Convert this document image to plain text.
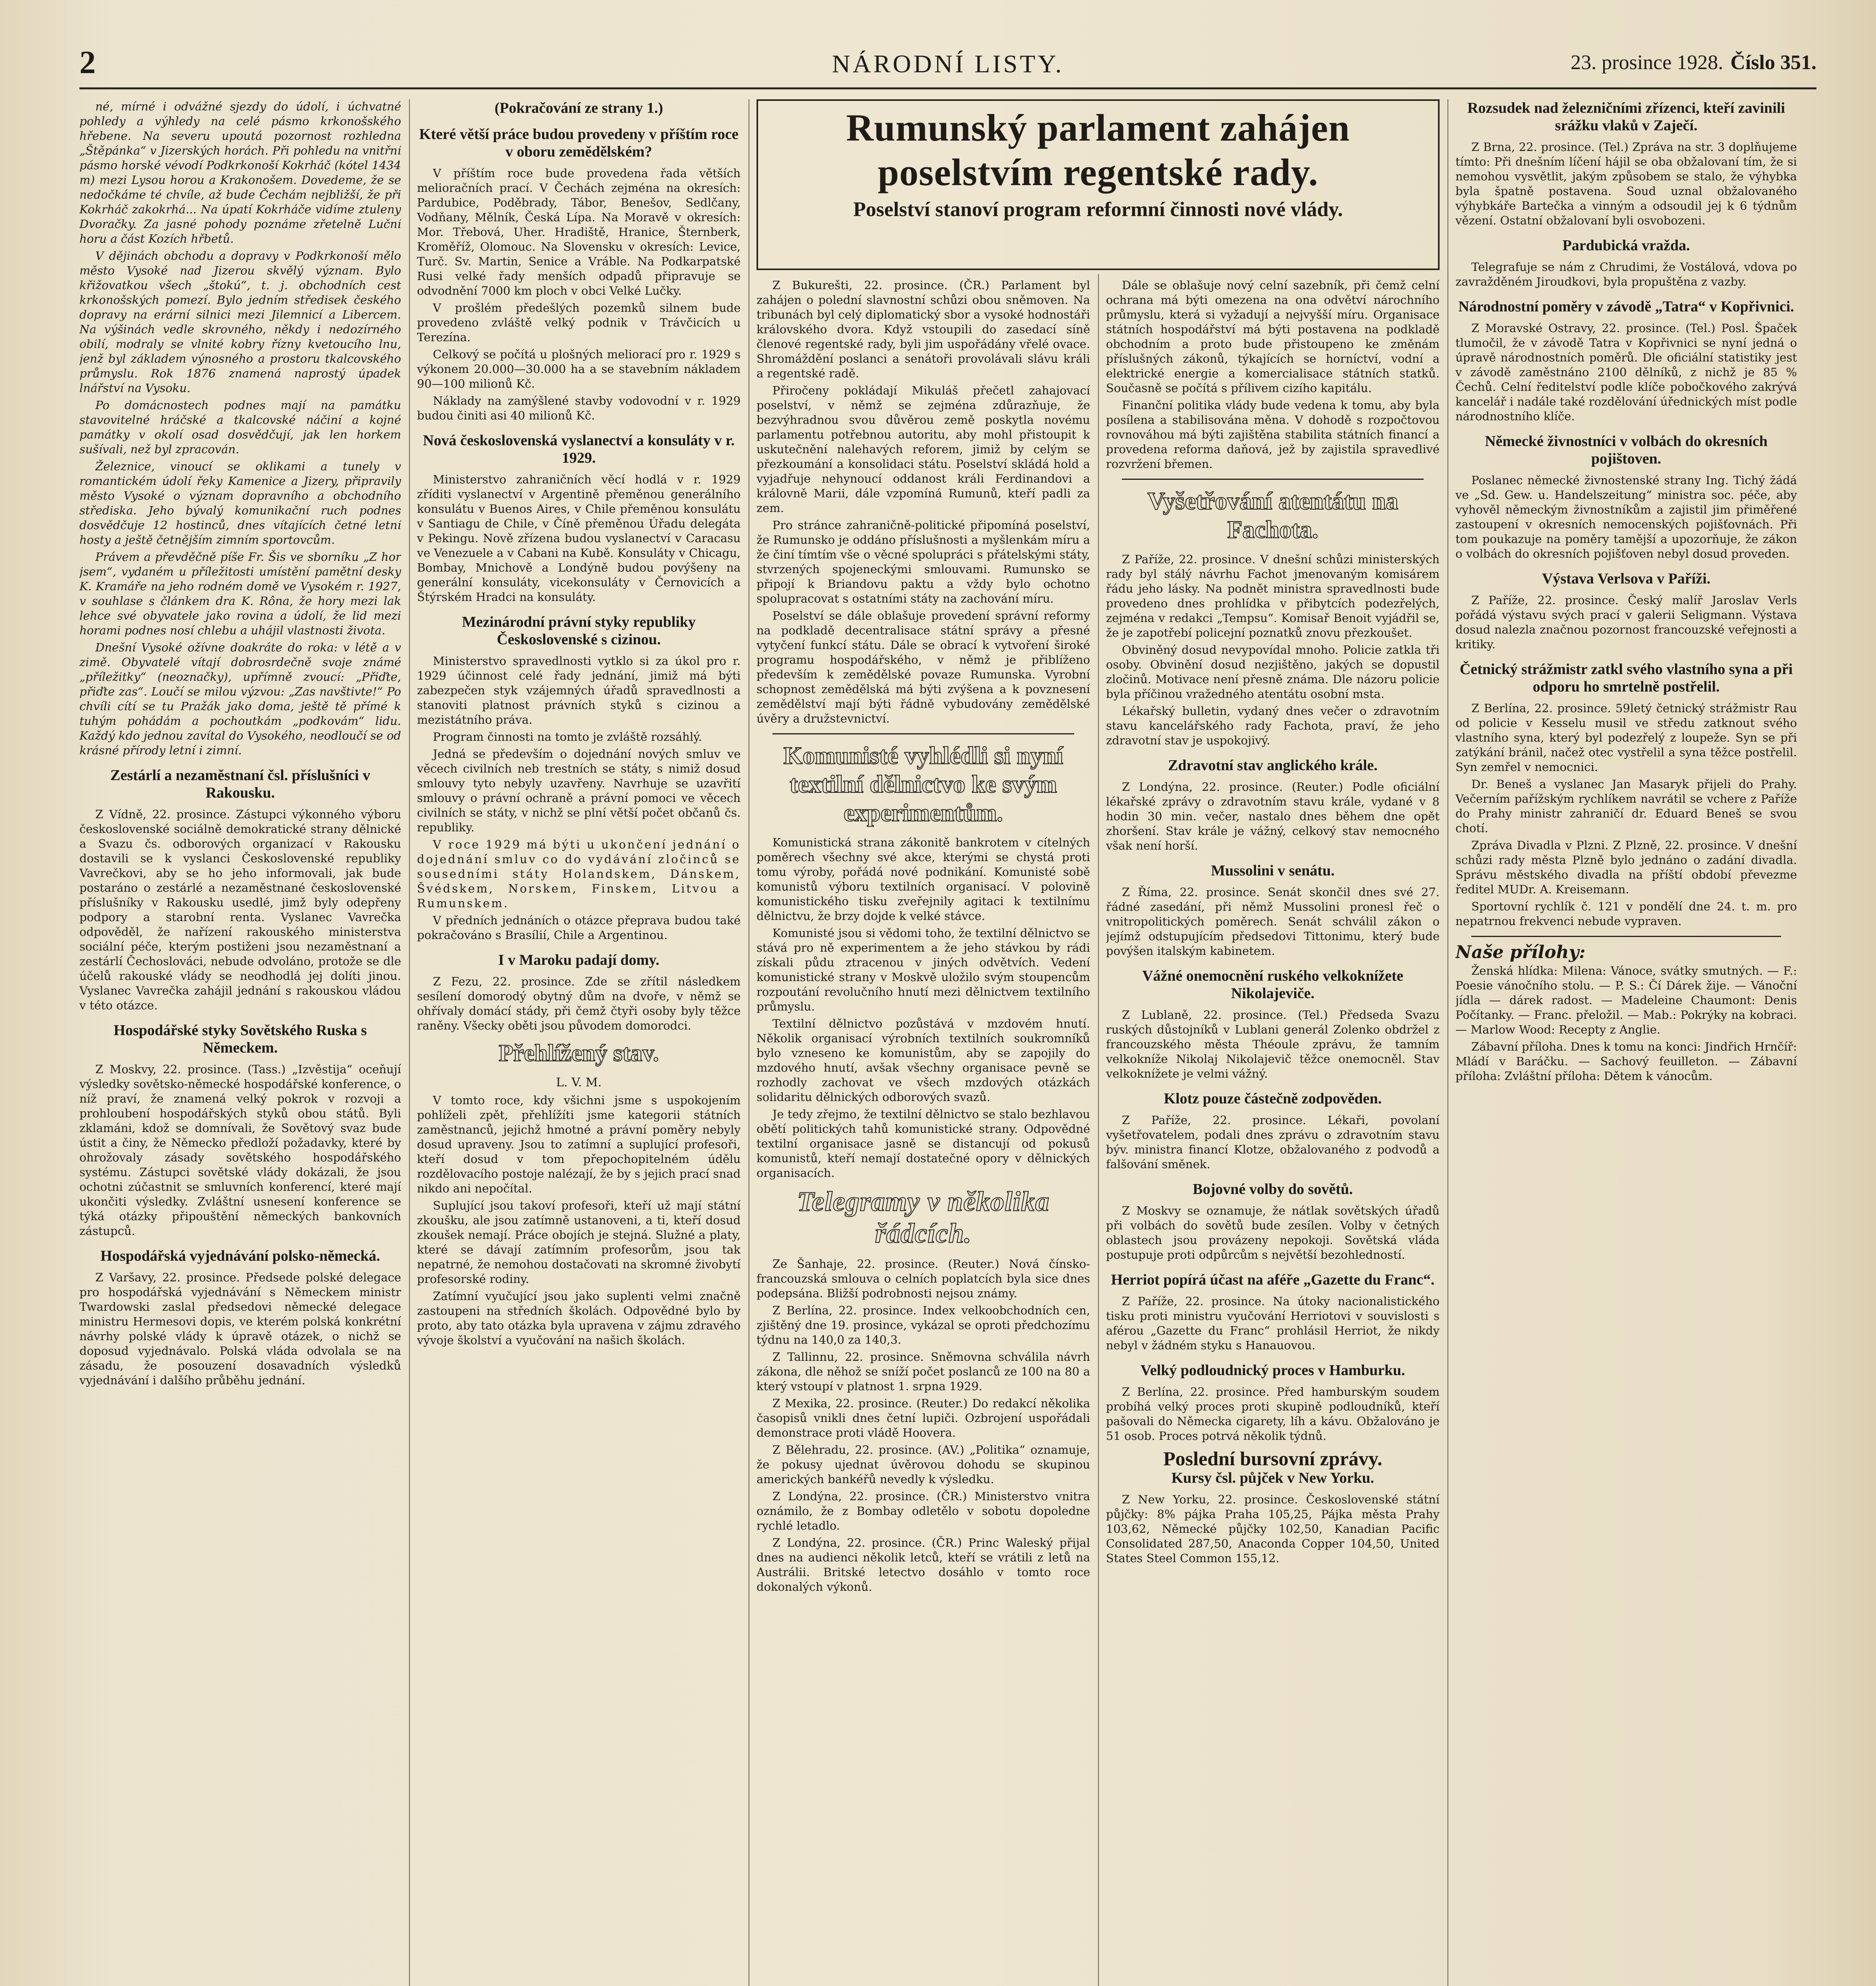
2	NÁRODNÍ LISTY.	23. prosince 1928. Číslo 351.

né, mírné i odvážné sjezdy do údolí, i úchvatné pohledy a výhledy na celé pásmo krkonošského hřebene. Na severu upoutá pozornost rozhledna „Štěpánka“ v Jizerských horách. Při pohledu na vnitřní pásmo horské vévodí Podkrkonoší Kokrháč (kótel 1434 m) mezi Lysou horou a Krakonošem. Dovedeme, že se nedočkáme té chvíle, až bude Čechám nejbližší, že při Kokrháč zakokrhá... Na úpatí Kokrháče vidíme ztuleny Dvoračky. Za jasné pohody poznáme zřetelně Luční horu a část Kozích hřbetů.

V dějinách obchodu a dopravy v Podkrkonoší mělo město Vysoké nad Jizerou skvělý význam. Bylo křižovatkou všech „štokú“, t. j. obchodních cest krkonošských pomezí. Bylo jedním středisek českého dopravy na erární silnici mezi Jilemnicí a Libercem. Na výšinách vedle skrovného, někdy i nedozírného obilí, modraly se vlnité kobry řízny kvetoucího lnu, jenž byl základem výnosného a prostoru tkalcovského průmyslu. Rok 1876 znamená naprostý úpadek lnářství na Vysoku.

Po domácnostech podnes mají na památku stavovitelné hráčské a tkalcovské náčiní a kojné památky v okolí osad dosvědčují, jak len horkem sušívali, než byl zpracován.

Železnice, vinoucí se oklikami a tunely v romantickém údolí řeky Kamenice a Jizery, připravily město Vysoké o význam dopravního a obchodního střediska. Jeho bývalý komunikační ruch podnes dosvědčuje 12 hostinců, dnes vítajících četné letní hosty a ještě četnějším zimním sportovcům.

Právem a převděčně píše Fr. Šis ve sborníku „Z hor jsem“, vydaném u příležitosti umístění pamětní desky K. Kramáře na jeho rodném domě ve Vysokém r. 1927, v souhlase s článkem dra K. Rôna, že hory mezi lak lehce své obyvatele jako rovina a údolí, že lid mezi horami podnes nosí chlebu a uhájil vlastnosti života.

Dnešní Vysoké ožívne doakráte do roka: v létě a v zimě. Obyvatelé vítají dobrosrdečně svoje známé „příležitky“ (neoznačky), upřímně zvoucí: „Přiďte, přiďte zas“. Loučí se milou výzvou: „Zas navštivte!“ Po chvíli cítí se tu Pražák jako doma, ještě tě přímé k tuhým pohádám a pochoutkám „podkovám“ lidu. Každý kdo jednou zavítal do Vysokého, neodloučí se od krásné přírody letní i zimní.

Zestárlí a nezaměstnaní čsl. příslušníci v Rakousku.

Z Vídně, 22. prosince. Zástupci výkonného výboru československé sociálně demokratické strany dělnické a Svazu čs. odborových organizací v Rakousku dostavili se k vyslanci Československé republiky Vavrečkovi, aby se ho jeho informovali, jak bude postaráno o zestárlé a nezaměstnané československé příslušníky v Rakousku usedlé, jimž byly odepřeny podpory a starobní renta. Vyslanec Vavrečka odpověděl, že nařízení rakouského ministerstva sociální péče, kterým postiženi jsou nezaměstnaní a zestárlí Čechoslováci, nebude odvoláno, protože se dle účelů rakouské vlády se neodhodlá jej dolíti jinou. Vyslanec Vavrečka zahájil jednání s rakouskou vládou v této otázce.

Hospodářské styky Sovětského Ruska s Německem.

Z Moskvy, 22. prosince. (Tass.) „Izvěstija“ oceňují výsledky sovětsko-německé hospodářské konference, o níž praví, že znamená velký pokrok v rozvoji a prohloubení hospodářských styků obou států. Byli zklamáni, kdož se domnívali, že Sovětový svaz bude ústit a činy, že Německo předloží požadavky, které by ohrožovaly zásady sovětského hospodářského systému. Zástupci sovětské vlády dokázali, že jsou ochotni zúčastnit se smluvních konferencí, které mají ukončiti výsledky. Zvláštní usnesení konference se týká otázky připouštění německých bankovních zástupců.

Hospodářská vyjednávání polsko-německá.

Z Varšavy, 22. prosince. Předsede polské delegace pro hospodářská vyjednávání s Německem ministr Twardowski zaslal předsedovi německé delegace ministru Hermesovi dopis, ve kterém polská konkrétní návrhy polské vlády k úpravě otázek, o nichž se doposud vyjednávalo. Polská vláda odvolala se na zásadu, že posouzení dosavadních výsledků vyjednávání i dalšího průběhu jednání.

(Pokračování ze strany 1.)
Které větší práce budou provedeny v příštím roce v oboru zemědělském?

V příštím roce bude provedena řada větších melioračních prací. V Čechách zejména na okresích: Pardubice, Poděbrady, Tábor, Benešov, Sedlčany, Vodňany, Mělník, Česká Lípa. Na Moravě v okresích: Mor. Třebová, Uher. Hradiště, Hranice, Šternberk, Kroměříž, Olomouc. Na Slovensku v okresích: Levice, Turč. Sv. Martin, Senice a Vráble. Na Podkarpatské Rusi velké řady menších odpadů připravuje se odvodnění 7000 km ploch v obci Velké Lučky.

V prošlém předešlých pozemků silnem bude provedeno zvláště velký podnik v Trávčicích u Terezína.

Celkový se počítá u plošných meliorací pro r. 1929 s výkonem 20.000—30.000 ha a se stavebním nákladem 90—100 milionů Kč.

Náklady na zamýšlené stavby vodovodní v r. 1929 budou činiti asi 40 milionů Kč.

Nová československá vyslanectví a konsuláty v r. 1929.

Ministerstvo zahraničních věcí hodlá v r. 1929 zříditi vyslanectví v Argentině přeměnou generálního konsulátu v Buenos Aires, v Chile přeměnou konsulátu v Santiagu de Chile, v Číně přeměnou Úřadu delegáta v Pekingu. Nově zřízena budou vyslanectví v Caracasu ve Venezuele a v Cabani na Kubě. Konsuláty v Chicagu, Bombay, Mnichově a Londýně budou povýšeny na generální konsuláty, vicekonsuláty v Černovicích a Štýrském Hradci na konsuláty.

Mezinárodní právní styky republiky Československé s cizinou.

Ministerstvo spravedlnosti vytklo si za úkol pro r. 1929 účinnost celé řady jednání, jimiž má býti zabezpečen styk vzájemných úřadů spravedlnosti a stanoviti platnost právních styků s cizinou a mezistátního práva.

Program činnosti na tomto je zvláště rozsáhlý.

Jedná se především o dojednání nových smluv ve věcech civilních neb trestních se státy, s nimiž dosud smlouvy tyto nebyly uzavřeny. Navrhuje se uzavřití smlouvy o právní ochraně a právní pomoci ve věcech civilních se státy, v nichž se plní větší počet občanů čs. republiky.

V roce 1929 má býti u ukončení jednání o dojednání smluv co do vydávání zločinců se sousedními státy Holandskem, Dánskem, Švédskem, Norskem, Finskem, Litvou a Rumunskem.

V předních jednáních o otázce přeprava budou také pokračováno s Brasílií, Chile a Argentinou.

I v Maroku padají domy.

Z Fezu, 22. prosince. Zde se zřítil následkem sesílení domorodý obytný dům na dvoře, v němž se ohřívaly domácí stády, při čemž čtyři osoby byly těžce raněny. Všecky oběti jsou původem domorodci.

Přehlížený stav.
L. V. M.

V tomto roce, kdy všichni jsme s uspokojením pohlíželi zpět, přehlížíti jsme kategorii státních zaměstnanců, jejichž hmotné a právní poměry nebyly dosud upraveny. Jsou to zatímní a suplující profesoři, kteří dosud v tom přepochopitelném údělu rozdělovacího postoje nalézají, že by s jejich prací snad nikdo ani nepočítal.

Suplující jsou takoví profesoři, kteří už mají státní zkoušku, ale jsou zatímně ustanoveni, a ti, kteří dosud zkoušek nemají. Práce obojích je stejná. Služné a platy, které se dávají zatímním profesorům, jsou tak nepatrné, že nemohou dostačovati na skromné živobytí profesorské rodiny.

Zatímní vyučující jsou jako suplenti velmi značně zastoupeni na středních školách. Odpovědné bylo by proto, aby tato otázka byla upravena v zájmu zdravého vývoje školství a vyučování na našich školách.

Rumunský parlament zahájen poselstvím regentské rady.
Poselství stanoví program reformní činnosti nové vlády.

Z Bukurešti, 22. prosince. (ČR.) Parlament byl zahájen o polední slavnostní schůzi obou sněmoven. Na tribunách byl celý diplomatický sbor a vysoké hodnostáři královského dvora. Když vstoupili do zasedací síně členové regentské rady, byli jim uspořádány vřelé ovace. Shromáždění poslanci a senátoři provolávali slávu králi a regentské radě.

Přiročeny pokládají Mikuláš přečetl zahajovací poselství, v němž se zejména zdůrazňuje, že bezvýhradnou svou důvěrou země poskytla novému parlamentu potřebnou autoritu, aby mohl přistoupit k uskutečnění nalehavých reforem, jimiž by celým se přezkoumání a konsolidaci státu. Poselství skládá hold a vyjadřuje nehynoucí oddanost králi Ferdinandovi a královně Marii, dále vzpomíná Rumunů, kteří padli za zem.

Pro stránce zahraničně-politické připomíná poselství, že Rumunsko je oddáno příslušnosti a myšlenkám míru a že činí tímtím vše o věcné spolupráci s přátelskými státy, stvrzených spojeneckými smlouvami. Rumunsko se připojí k Briandovu paktu a vždy bylo ochotno spolupracovat s ostatními státy na zachování míru.

Poselství se dále oblašuje provedení správní reformy na podkladě decentralisace státní správy a přesné vytyčení funkcí státu. Dále se obrací k vytvoření široké programu hospodářského, v němž je přiblíženo především k zemědělské povaze Rumunska. Vyrobní schopnost zemědělská má býti zvýšena a k povznesení zemědělství mají býti řádně vybudovány zemědělské úvěry a družstevnictví.

Komunisté vyhlédli si nyní textilní dělnictvo ke svým experimentům.

Komunistická strana zákonitě bankrotem v cítelných poměrech všechny své akce, kterými se chystá proti tomu výroby, pořádá nové podnikání. Komunisté sobě komunistů výboru textilních organisací. V polovině komunistického tisku zveřejnily agitaci k textilnímu dělnictvu, že brzy dojde k velké stávce.

Komunisté jsou si vědomi toho, že textilní dělnictvo se stává pro ně experimentem a že jeho stávkou by rádi získali půdu ztracenou v jiných odvětvích. Vedení komunistické strany v Moskvě uložilo svým stoupencům rozpoutání revolučního hnutí mezi dělnictvem textilního průmyslu.

Textilní dělnictvo pozůstává v mzdovém hnutí. Několik organisací výrobních textilních soukromníků bylo vzneseno ke komunistům, aby se zapojily do mzdového hnutí, avšak všechny organisace pevně se rozhodly zachovat ve všech mzdových otázkách solidaritu dělnických odborových svazů.

Je tedy zřejmo, že textilní dělnictvo se stalo bezhlavou obětí politických tahů komunistické strany. Odpovědné textilní organisace jasně se distancují od pokusů komunistů, kteří nemají dostatečné opory v dělnických organisacích.

Telegramy v několika řádcích.

Ze Šanhaje, 22. prosince. (Reuter.) Nová čínsko-francouzská smlouva o celních poplatcích byla sice dnes podepsána. Bližší podrobnosti nejsou známy.

Z Berlína, 22. prosince. Index velkoobchodních cen, zjištěný dne 19. prosince, vykázal se oproti předchozímu týdnu na 140,0 za 140,3.

Z Tallinnu, 22. prosince. Sněmovna schválila návrh zákona, dle něhož se sníží počet poslanců ze 100 na 80 a který vstoupí v platnost 1. srpna 1929.

Z Mexika, 22. prosince. (Reuter.) Do redakcí několika časopisů vnikli dnes četní lupiči. Ozbrojení uspořádali demonstrace proti vládě Hoovera.

Z Bělehradu, 22. prosince. (AV.) „Politika“ oznamuje, že pokusy ujednat úvěrovou dohodu se skupinou amerických bankéřů nevedly k výsledku.

Z Londýna, 22. prosince. (ČR.) Ministerstvo vnitra oznámilo, že z Bombay odletělo v sobotu dopoledne rychlé letadlo.

Z Londýna, 22. prosince. (ČR.) Princ Waleský přijal dnes na audienci několik letců, kteří se vrátili z letů na Austrálii. Britské letectvo dosáhlo v tomto roce dokonalých výkonů.

Dále se oblašuje nový celní sazebník, při čemž celní ochrana má býti omezena na ona odvětví nárochního průmyslu, která si vyžadují a nejvyšší míru. Organisace státních hospodářství má býti postavena na podkladě obchodním a proto bude přistoupeno ke změnám příslušných zákonů, týkajících se horníctví, vodní a elektrické energie a komercialisace státních statků. Současně se počítá s přílivem cizího kapitálu.

Finanční politika vlády bude vedena k tomu, aby byla posílena a stabilisována měna. V dohodě s rozpočtovou rovnováhou má býti zajištěna stabilita státních financí a provedena reforma daňová, jež by zajistila spravedlivé rozvržení břemen.

Vyšetřování atentátu na Fachota.

Z Paříže, 22. prosince. V dnešní schůzi ministerských rady byl stálý návrhu Fachot jmenovaným komisárem řádu jeho lásky. Na podnět ministra spravedlnosti bude provedeno dnes prohlídka v přibytcích podezřelých, zejména v redakci „Tempsu“. Komisař Benoit vyjádřil se, že je zapotřebí policejní poznatků znovu přezkoušet.

Obviněný dosud nevypovídal mnoho. Policie zatkla tři osoby. Obvinění dosud nezjištěno, jakých se dopustil zločinů. Motivace není přesně známa. Dle názoru policie byla příčinou vražedného atentátu osobní msta.

Lékařský bulletin, vydaný dnes večer o zdravotním stavu kancelářského rady Fachota, praví, že jeho zdravotní stav je uspokojivý.

Zdravotní stav anglického krále.

Z Londýna, 22. prosince. (Reuter.) Podle oficiální lékařské zprávy o zdravotním stavu krále, vydané v 8 hodin 30 min. večer, nastalo dnes během dne opět zhoršení. Stav krále je vážný, celkový stav nemocného však není horší.

Mussolini v senátu.

Z Říma, 22. prosince. Senát skončil dnes své 27. řádné zasedání, při němž Mussolini pronesl řeč o vnitropolitických poměrech. Senát schválil zákon o jejímž odstupujícím předsedovi Tittonimu, který bude povýšen italským kabinetem.

Vážné onemocnění ruského velkoknížete Nikolajeviče.

Z Lublaně, 22. prosince. (Tel.) Předseda Svazu ruských důstojníků v Lublani generál Zolenko obdržel z francouzského města Théoule zprávu, že tamním velkokníže Nikolaj Nikolajevič těžce onemocněl. Stav velkoknížete je velmi vážný.

Klotz pouze částečně zodpověden.

Z Paříže, 22. prosince. Lékaři, povolaní vyšetřovatelem, podali dnes zprávu o zdravotním stavu býv. ministra financí Klotze, obžalovaného z podvodů a falšování směnek.

Bojovné volby do sovětů.

Z Moskvy se oznamuje, že nátlak sovětských úřadů při volbách do sovětů bude zesílen. Volby v četných oblastech jsou provázeny nepokoji. Sovětská vláda postupuje proti odpůrcům s největší bezohledností.

Herriot popírá účast na aféře „Gazette du Franc“.

Z Paříže, 22. prosince. Na útoky nacionalistického tisku proti ministru vyučování Herriotovi v souvislosti s aférou „Gazette du Franc“ prohlásil Herriot, že nikdy nebyl v žádném styku s Hanauovou.

Velký podloudnický proces v Hamburku.

Z Berlína, 22. prosince. Před hamburským soudem probíhá velký proces proti skupině podloudníků, kteří pašovali do Německa cigarety, líh a kávu. Obžalováno je 51 osob. Proces potrvá několik týdnů.

Poslední bursovní zprávy.
Kursy čsl. půjček v New Yorku.

Z New Yorku, 22. prosince. Československé státní půjčky: 8% pájka Praha 105,25, Pájka města Prahy 103,62, Německé půjčky 102,50, Kanadian Pacific Consolidated 287,50, Anaconda Copper 104,50, United States Steel Common 155,12.

Rozsudek nad železničními zřízenci, kteří zavinili srážku vlaků v Zaječí.

Z Brna, 22. prosince. (Tel.) Zpráva na str. 3 doplňujeme tímto: Při dnešním líčení hájil se oba obžalovaní tím, že si nemohou vysvětlit, jakým způsobem se stalo, že výhybka byla špatně postavena. Soud uznal obžalovaného výhybkáře Bartečka a vinným a odsoudil jej k 6 týdnům vězení. Ostatní obžalovaní byli osvobozeni.

Pardubická vražda.

Telegrafuje se nám z Chrudimi, že Vostálová, vdova po zavražděném Jiroudkovi, byla propuštěna z vazby.

Národnostní poměry v závodě „Tatra“ v Kopřivnici.

Z Moravské Ostravy, 22. prosince. (Tel.) Posl. Špaček tlumočil, že v závodě Tatra v Kopřivnici se nyní jedná o úpravě národnostních poměrů. Dle oficiální statistiky jest v závodě zaměstnáno 2100 dělníků, z nichž je 85 % Čechů. Celní ředitelství podle klíče pobočkového zakrývá kancelář i nadále také rozdělování úřednických míst podle národnostního klíče.

Německé živnostníci v volbách do okresních pojištoven.

Poslanec německé živnostenské strany Ing. Tichý žádá ve „Sd. Gew. u. Handelszeitung“ ministra soc. péče, aby vyhověl německým živnostníkům a zajistil jim přiměřené zastoupení v okresních nemocenských pojišťovnách. Při tom poukazuje na poměry tamější a upozorňuje, že zákon o volbách do okresních pojišťoven nebyl dosud proveden.

Výstava Verlsova v Paříži.

Z Paříže, 22. prosince. Český malíř Jaroslav Verls pořádá výstavu svých prací v galerii Seligmann. Výstava dosud nalezla značnou pozornost francouzské veřejnosti a kritiky.

Četnický strážmistr zatkl svého vlastního syna a při odporu ho smrtelně postřelil.

Z Berlína, 22. prosince. 59letý četnický strážmistr Rau od policie v Kesselu musil ve středu zatknout svého vlastního syna, který byl podezřelý z loupeže. Syn se při zatýkání bránil, načež otec vystřelil a syna těžce postřelil. Syn zemřel v nemocnici.

Dr. Beneš a vyslanec Jan Masaryk přijeli do Prahy. Večerním pařížským rychlíkem navrátil se vchere z Paříže do Prahy ministr zahraničí dr. Eduard Beneš se svou chotí.

Zpráva Divadla v Plzni. Z Plzně, 22. prosince. V dnešní schůzi rady města Plzně bylo jednáno o zadání divadla. Správu městského divadla na příští období převezme ředitel MUDr. A. Kreisemann.

Sportovní rychlík č. 121 v pondělí dne 24. t. m. pro nepatrnou frekvenci nebude vypraven.

Naše přílohy:

Ženská hlídka: Milena: Vánoce, svátky smutných. — F.: Poesie vánočního stolu. — P. S.: Čí Dárek žije. — Vánoční jídla — dárek radost. — Madeleine Chaumont: Denis Počítanky. — Franc. přeložil. — Mab.: Pokrýky na kobraci. — Marlow Wood: Recepty z Anglie.

Zábavní příloha. Dnes k tomu na konci: Jindřich Hrnčíř: Mládí v Baráčku. — Sachový feuilleton. — Zábavní příloha: Zvláštní příloha: Dětem k vánocům.
